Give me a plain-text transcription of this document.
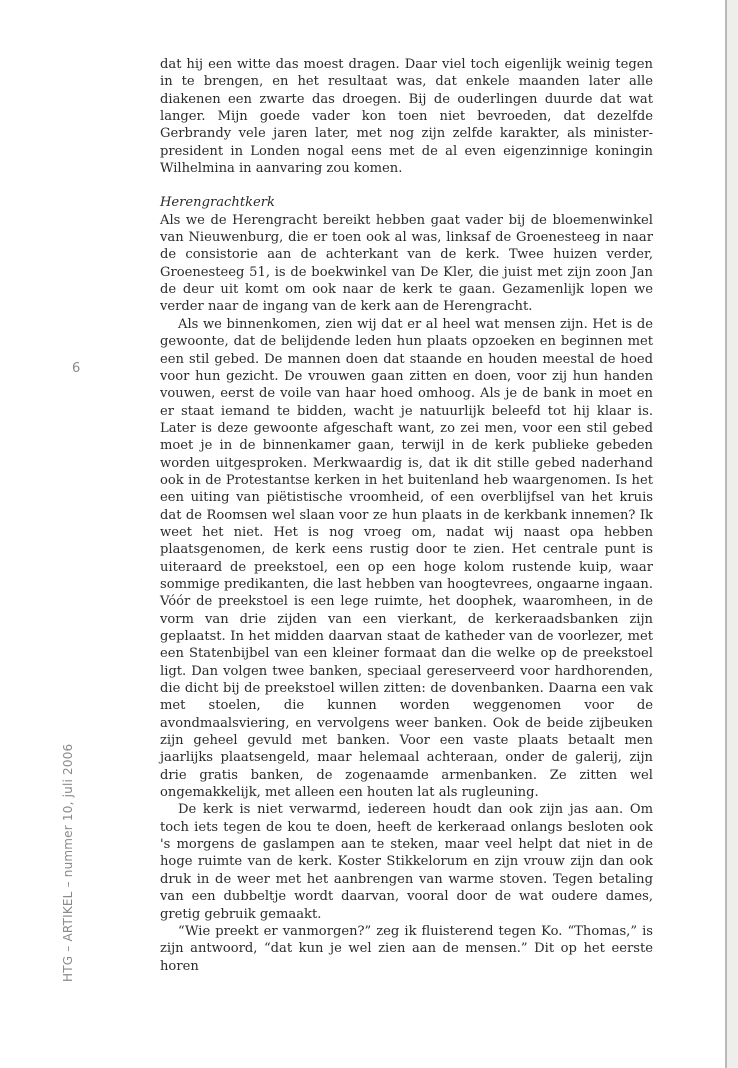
6

HTG – ARTIKEL – nummer 10, juli 2006

dat hij een witte das moest dragen. Daar viel toch eigenlijk weinig tegen in te brengen, en het resultaat was, dat enkele maanden later alle diakenen een zwarte das droegen. Bij de ouderlingen duurde dat wat langer. Mijn goede vader kon toen niet bevroeden, dat dezelfde Gerbrandy vele jaren later, met nog zijn zelfde karakter, als minister-president in Londen nogal eens met de al even eigenzinnige koningin Wilhelmina in aanvaring zou komen.

Herengrachtkerk

Als we de Herengracht bereikt hebben gaat vader bij de bloemenwinkel van Nieuwenburg, die er toen ook al was, linksaf de Groenesteeg in naar de consistorie aan de achterkant van de kerk. Twee huizen verder, Groenesteeg 51, is de boekwinkel van De Kler, die juist met zijn zoon Jan de deur uit komt om ook naar de kerk te gaan. Gezamenlijk lopen we verder naar de ingang van de kerk aan de Herengracht.

Als we binnenkomen, zien wij dat er al heel wat mensen zijn. Het is de gewoonte, dat de belijdende leden hun plaats opzoeken en beginnen met een stil gebed. De mannen doen dat staande en houden meestal de hoed voor hun gezicht. De vrouwen gaan zitten en doen, voor zij hun handen vouwen, eerst de voile van haar hoed omhoog. Als je de bank in moet en er staat iemand te bidden, wacht je natuurlijk beleefd tot hij klaar is. Later is deze gewoonte afgeschaft want, zo zei men, voor een stil gebed moet je in de binnenkamer gaan, terwijl in de kerk publieke gebeden worden uitgesproken. Merkwaardig is, dat ik dit stille gebed naderhand ook in de Protestantse kerken in het buitenland heb waargenomen. Is het een uiting van piëtistische vroomheid, of een overblijfsel van het kruis dat de Roomsen wel slaan voor ze hun plaats in de kerkbank innemen? Ik weet het niet. Het is nog vroeg om, nadat wij naast opa hebben plaatsgenomen, de kerk eens rustig door te zien. Het centrale punt is uiteraard de preekstoel, een op een hoge kolom rustende kuip, waar sommige predikanten, die last hebben van hoogtevrees, ongaarne ingaan. Vóór de preekstoel is een lege ruimte, het doophek, waaromheen, in de vorm van drie zijden van een vierkant, de kerkeraadsbanken zijn geplaatst. In het midden daarvan staat de katheder van de voorlezer, met een Statenbijbel van een kleiner formaat dan die welke op de preekstoel ligt. Dan volgen twee banken, speciaal gereserveerd voor hardhorenden, die dicht bij de preekstoel willen zitten: de dovenbanken. Daarna een vak met stoelen, die kunnen worden weggenomen voor de avondmaalsviering, en vervolgens weer banken. Ook de beide zijbeuken zijn geheel gevuld met banken. Voor een vaste plaats betaalt men jaarlijks plaatsengeld, maar helemaal achteraan, onder de galerij, zijn drie gratis banken, de zogenaamde armenbanken. Ze zitten wel ongemakkelijk, met alleen een houten lat als rugleuning.

De kerk is niet verwarmd, iedereen houdt dan ook zijn jas aan. Om toch iets tegen de kou te doen, heeft de kerkeraad onlangs besloten ook 's morgens de gaslampen aan te steken, maar veel helpt dat niet in de hoge ruimte van de kerk. Koster Stikkelorum en zijn vrouw zijn dan ook druk in de weer met het aanbrengen van warme stoven. Tegen betaling van een dubbeltje wordt daarvan, vooral door de wat oudere dames, gretig gebruik gemaakt.

“Wie preekt er vanmorgen?” zeg ik fluisterend tegen Ko. “Thomas,” is zijn antwoord, “dat kun je wel zien aan de mensen.” Dit op het eerste horen
